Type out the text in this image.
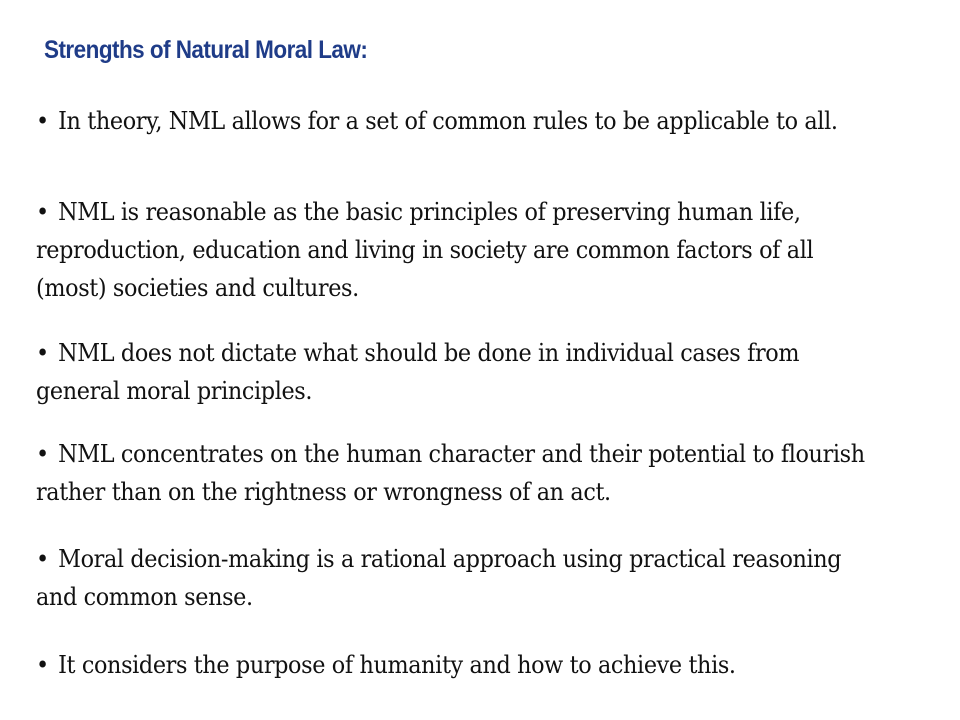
Strengths of Natural Moral Law:
• In theory, NML allows for a set of common rules to be applicable to all.
• NML is reasonable as the basic principles of preserving human life, reproduction, education and living in society are common factors of all (most) societies and cultures.
• NML does not dictate what should be done in individual cases from general moral principles.
• NML concentrates on the human character and their potential to flourish rather than on the rightness or wrongness of an act.
• Moral decision-making is a rational approach using practical reasoning and common sense.
• It considers the purpose of humanity and how to achieve this.
